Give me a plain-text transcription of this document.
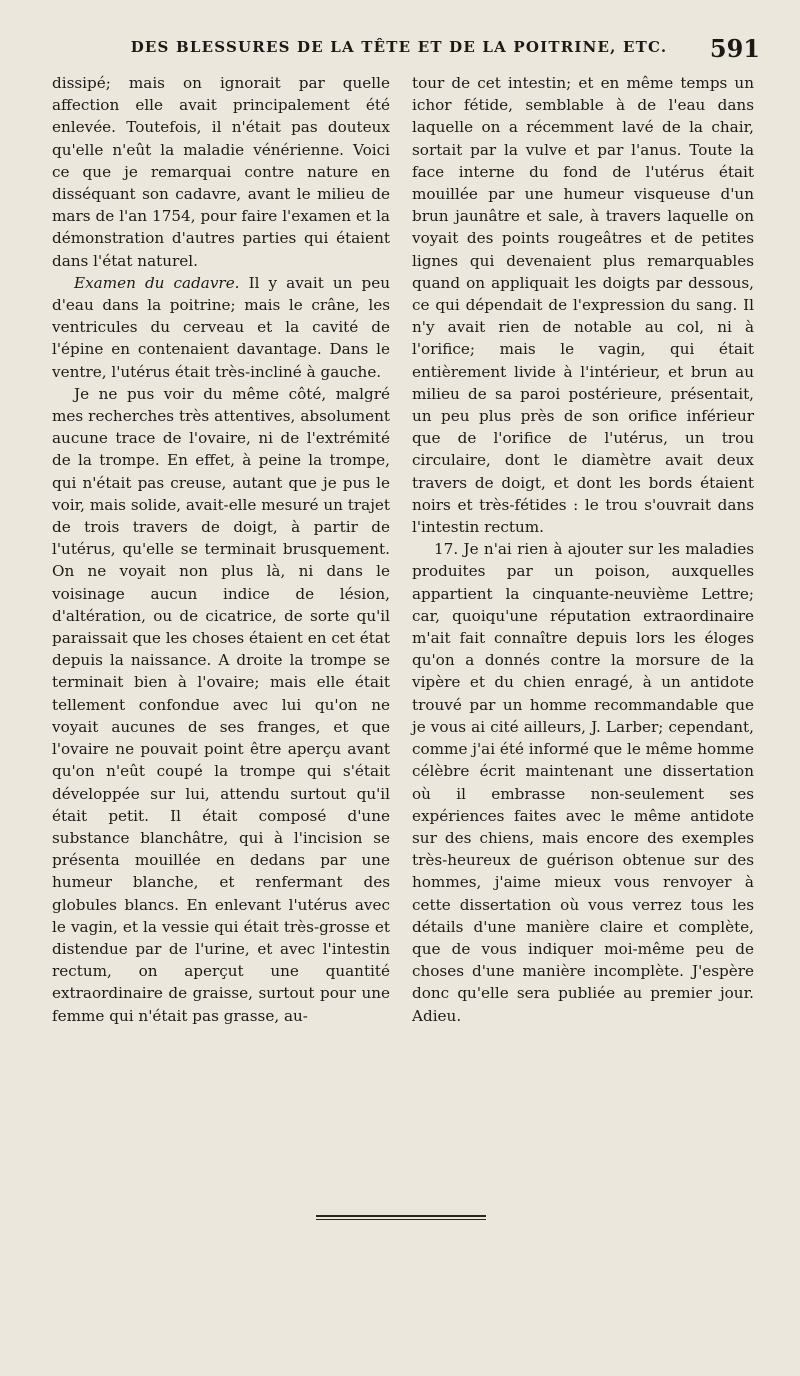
DES BLESSURES DE LA TÊTE ET DE LA POITRINE, ETC. 591

dissipé; mais on ignorait par quelle affection elle avait principalement été enlevée. Toutefois, il n'était pas douteux qu'elle n'eût la maladie vénérienne. Voici ce que je remarquai contre nature en disséquant son cadavre, avant le milieu de mars de l'an 1754, pour faire l'examen et la démonstration d'autres parties qui étaient dans l'état naturel.

Examen du cadavre. Il y avait un peu d'eau dans la poitrine; mais le crâne, les ventricules du cerveau et la cavité de l'épine en contenaient davantage. Dans le ventre, l'utérus était très-incliné à gauche.

Je ne pus voir du même côté, malgré mes recherches très attentives, absolument aucune trace de l'ovaire, ni de l'extrémité de la trompe. En effet, à peine la trompe, qui n'était pas creuse, autant que je pus le voir, mais solide, avait-elle mesuré un trajet de trois travers de doigt, à partir de l'utérus, qu'elle se terminait brusquement. On ne voyait non plus là, ni dans le voisinage aucun indice de lésion, d'altération, ou de cicatrice, de sorte qu'il paraissait que les choses étaient en cet état depuis la naissance. A droite la trompe se terminait bien à l'ovaire; mais elle était tellement confondue avec lui qu'on ne voyait aucunes de ses franges, et que l'ovaire ne pouvait point être aperçu avant qu'on n'eût coupé la trompe qui s'était développée sur lui, attendu surtout qu'il était petit. Il était composé d'une substance blanchâtre, qui à l'incision se présenta mouillée en dedans par une humeur blanche, et renfermant des globules blancs. En enlevant l'utérus avec le vagin, et la vessie qui était très-grosse et distendue par de l'urine, et avec l'intestin rectum, on aperçut une quantité extraordinaire de graisse, surtout pour une femme qui n'était pas grasse, au-

tour de cet intestin; et en même temps un ichor fétide, semblable à de l'eau dans laquelle on a récemment lavé de la chair, sortait par la vulve et par l'anus. Toute la face interne du fond de l'utérus était mouillée par une humeur visqueuse d'un brun jaunâtre et sale, à travers laquelle on voyait des points rougeâtres et de petites lignes qui devenaient plus remarquables quand on appliquait les doigts par dessous, ce qui dépendait de l'expression du sang. Il n'y avait rien de notable au col, ni à l'orifice; mais le vagin, qui était entièrement livide à l'intérieur, et brun au milieu de sa paroi postérieure, présentait, un peu plus près de son orifice inférieur que de l'orifice de l'utérus, un trou circulaire, dont le diamètre avait deux travers de doigt, et dont les bords étaient noirs et très-fétides : le trou s'ouvrait dans l'intestin rectum.

17. Je n'ai rien à ajouter sur les maladies produites par un poison, auxquelles appartient la cinquante-neuvième Lettre; car, quoiqu'une réputation extraordinaire m'ait fait connaître depuis lors les éloges qu'on a donnés contre la morsure de la vipère et du chien enragé, à un antidote trouvé par un homme recommandable que je vous ai cité ailleurs, J. Larber; cependant, comme j'ai été informé que le même homme célèbre écrit maintenant une dissertation où il embrasse non-seulement ses expériences faites avec le même antidote sur des chiens, mais encore des exemples très-heureux de guérison obtenue sur des hommes, j'aime mieux vous renvoyer à cette dissertation où vous verrez tous les détails d'une manière claire et complète, que de vous indiquer moi-même peu de choses d'une manière incomplète. J'espère donc qu'elle sera publiée au premier jour. Adieu.
